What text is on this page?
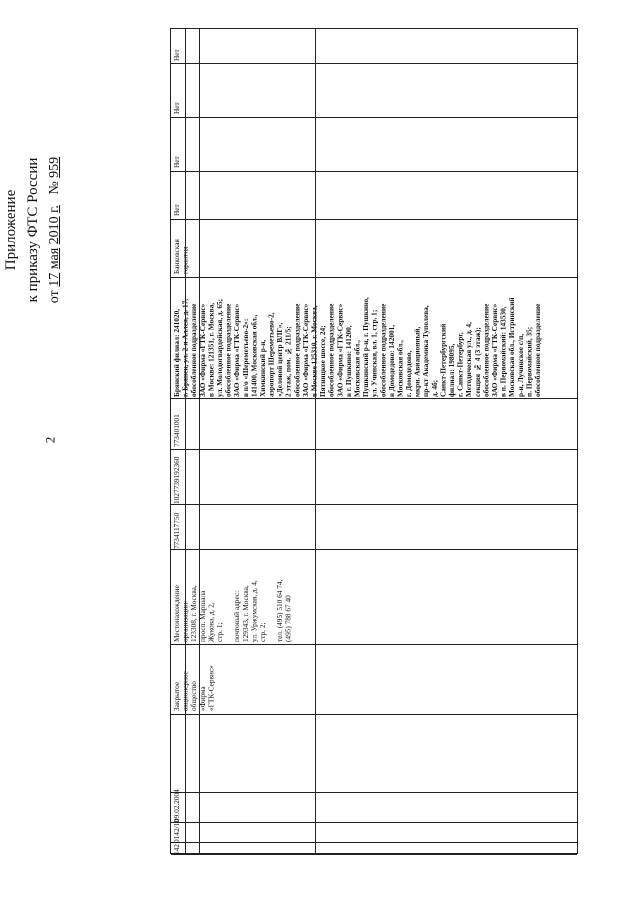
2
Приложение к приказу ФТС России от 17 мая 2010 г.   № 959
Нет
Нет
Нет
Нет
Банковская
гарантия
Брянский филиал: 241020,
г. Брянск, ул. 2-я Аллея, д. 17,
обособленное подразделение
ЗАО «Фирма «ГТК-Сервис»
в Москве: 121351, г. Москва,
ул. Молодогвардейская, д. 65;
обособленное подразделение
ЗАО «Фирма «ГТК-Сервис»
в п/о «Шереметьево-2»:
141400, Московская обл.,
Химкинский р-н,
аэропорт Шереметьево-2,
«Деловой центр ВЛГ»,
2 этаж, пом. № 211/5;
обособленное подразделение
ЗАО «Фирма «ГТК-Сервис»
в Москве 125310, г. Москва,
Пятницкое шоссе, 24;
обособленное подразделение
ЗАО «Фирма «ГТК-Сервис»
в г. Пушкино: 141200,
Московская обл.,
Пушкинский р-н, г. Пушкино,
ул. Учинская, вл. 1, стр. 1;
обособленное подразделение
в Домодедово: 142001,
Московская обл.,
г. Домодедово,
мкрн. Авиационный,
пр-кт Академика Туполева,
д. 4б;
Санкт-Петербургский
филиал: 198095,
г. Санкт-Петербург,
Методическая ул., д. 4,
секция № 4 (3 этаж);
обособленное подразделение
ЗАО «Фирма «ГТК-Сервис»
в п. Первомайский: 143530,
Московская обл., Истринский
р-н, Лучинское с/п,
п. Первомайский, 35;
обособленное подразделение
773401001
1027739192360
7734117750
Местонахождение
организации:
123308, г. Москва,
просп. Маршала
Жукова, д. 2,
стр. 1;

почтовый адрес:
129343, г. Москва,
ул. Уржумская, д. 4,
стр. 2;

тел. (495) 510 64 74,
(495) 788 67 40
Закрытое
акционерное
общество
«Фирма
«ГТК-Сервис»
09.02.2004
0142/10
142
